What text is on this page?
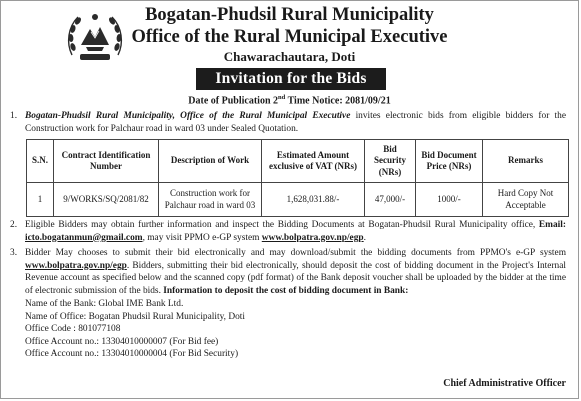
Bogatan-Phudsil Rural Municipality
Office of the Rural Municipal Executive
Chawarachautara, Doti
Invitation for the Bids
Date of Publication 2nd Time Notice: 2081/09/21
1. Bogatan-Phudsil Rural Municipality, Office of the Rural Municipal Executive invites electronic bids from eligible bidders for the Construction work for Palchaur road in ward 03 under Sealed Quotation.
S.N.	Contract Identification Number	Description of Work	Estimated Amount exclusive of VAT (NRs)	Bid Security (NRs)	Bid Document Price (NRs)	Remarks
1	9/WORKS/SQ/2081/82	Construction work for Palchaur road in ward 03	1,628,031.88/-	47,000/-	1000/-	Hard Copy Not Acceptable
2. Eligible Bidders may obtain further information and inspect the Bidding Documents at Bogatan-Phudsil Rural Municipality office, Email: icto.bogatanmun@gmail.com, may visit PPMO e-GP system www.bolpatra.gov.np/egp.
3. Bidder May chooses to submit their bid electronically and may download/submit the bidding documents from PPMO's e-GP system www.bolpatra.gov.np/egp. Bidders, submitting their bid electronically, should deposit the cost of bidding document in the Project's Internal Revenue account as specified below and the scanned copy (pdf format) of the Bank deposit voucher shall be uploaded by the bidder at the time of electronic submission of the bids. Information to deposit the cost of bidding document in Bank:
Name of the Bank: Global IME Bank Ltd.
Name of Office: Bogatan Phudsil Rural Municipality, Doti
Office Code : 801077108
Office Account no.: 13304010000007 (For Bid fee)
Office Account no.: 13304010000004 (For Bid Security)
Chief Administrative Officer
